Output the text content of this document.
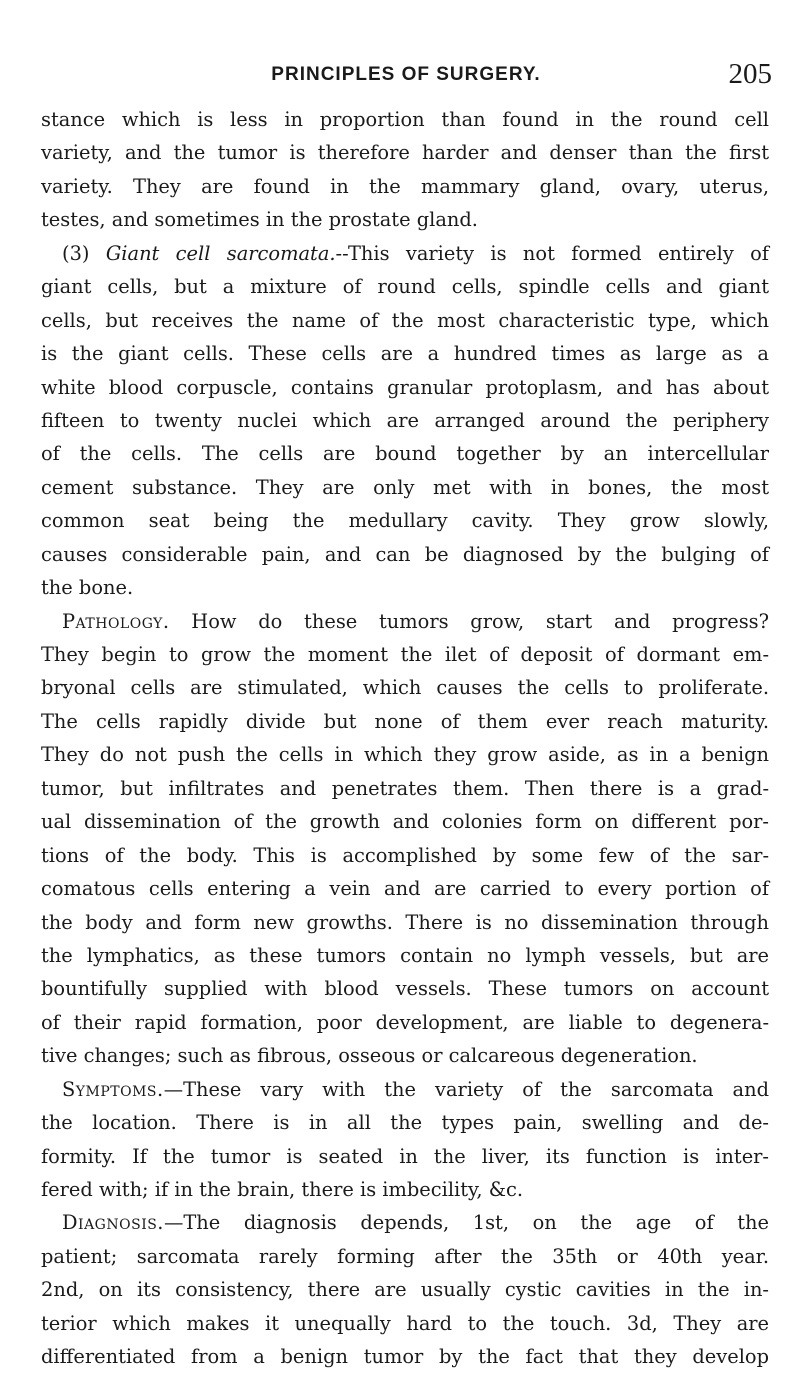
PRINCIPLES OF SURGERY.	205
stance which is less in proportion than found in the round cell
variety, and the tumor is therefore harder and denser than the first
variety. They are found in the mammary gland, ovary, uterus,
testes, and sometimes in the prostate gland.
(3) Giant cell sarcomata.--This variety is not formed entirely of
giant cells, but a mixture of round cells, spindle cells and giant
cells, but receives the name of the most characteristic type, which
is the giant cells. These cells are a hundred times as large as a
white blood corpuscle, contains granular protoplasm, and has about
fifteen to twenty nuclei which are arranged around the periphery
of the cells. The cells are bound together by an intercellular
cement substance. They are only met with in bones, the most
common seat being the medullary cavity. They grow slowly,
causes considerable pain, and can be diagnosed by the bulging of
the bone.
Pathology. How do these tumors grow, start and progress?
They begin to grow the moment the ilet of deposit of dormant em-
bryonal cells are stimulated, which causes the cells to proliferate.
The cells rapidly divide but none of them ever reach maturity.
They do not push the cells in which they grow aside, as in a benign
tumor, but infiltrates and penetrates them. Then there is a grad-
ual dissemination of the growth and colonies form on different por-
tions of the body. This is accomplished by some few of the sar-
comatous cells entering a vein and are carried to every portion of
the body and form new growths. There is no dissemination through
the lymphatics, as these tumors contain no lymph vessels, but are
bountifully supplied with blood vessels. These tumors on account
of their rapid formation, poor development, are liable to degenera-
tive changes; such as fibrous, osseous or calcareous degeneration.
Symptoms.—These vary with the variety of the sarcomata and
the location. There is in all the types pain, swelling and de-
formity. If the tumor is seated in the liver, its function is inter-
fered with; if in the brain, there is imbecility, &c.
Diagnosis.—The diagnosis depends, 1st, on the age of the
patient; sarcomata rarely forming after the 35th or 40th year.
2nd, on its consistency, there are usually cystic cavities in the in-
terior which makes it unequally hard to the touch. 3d, They are
differentiated from a benign tumor by the fact that they develop
